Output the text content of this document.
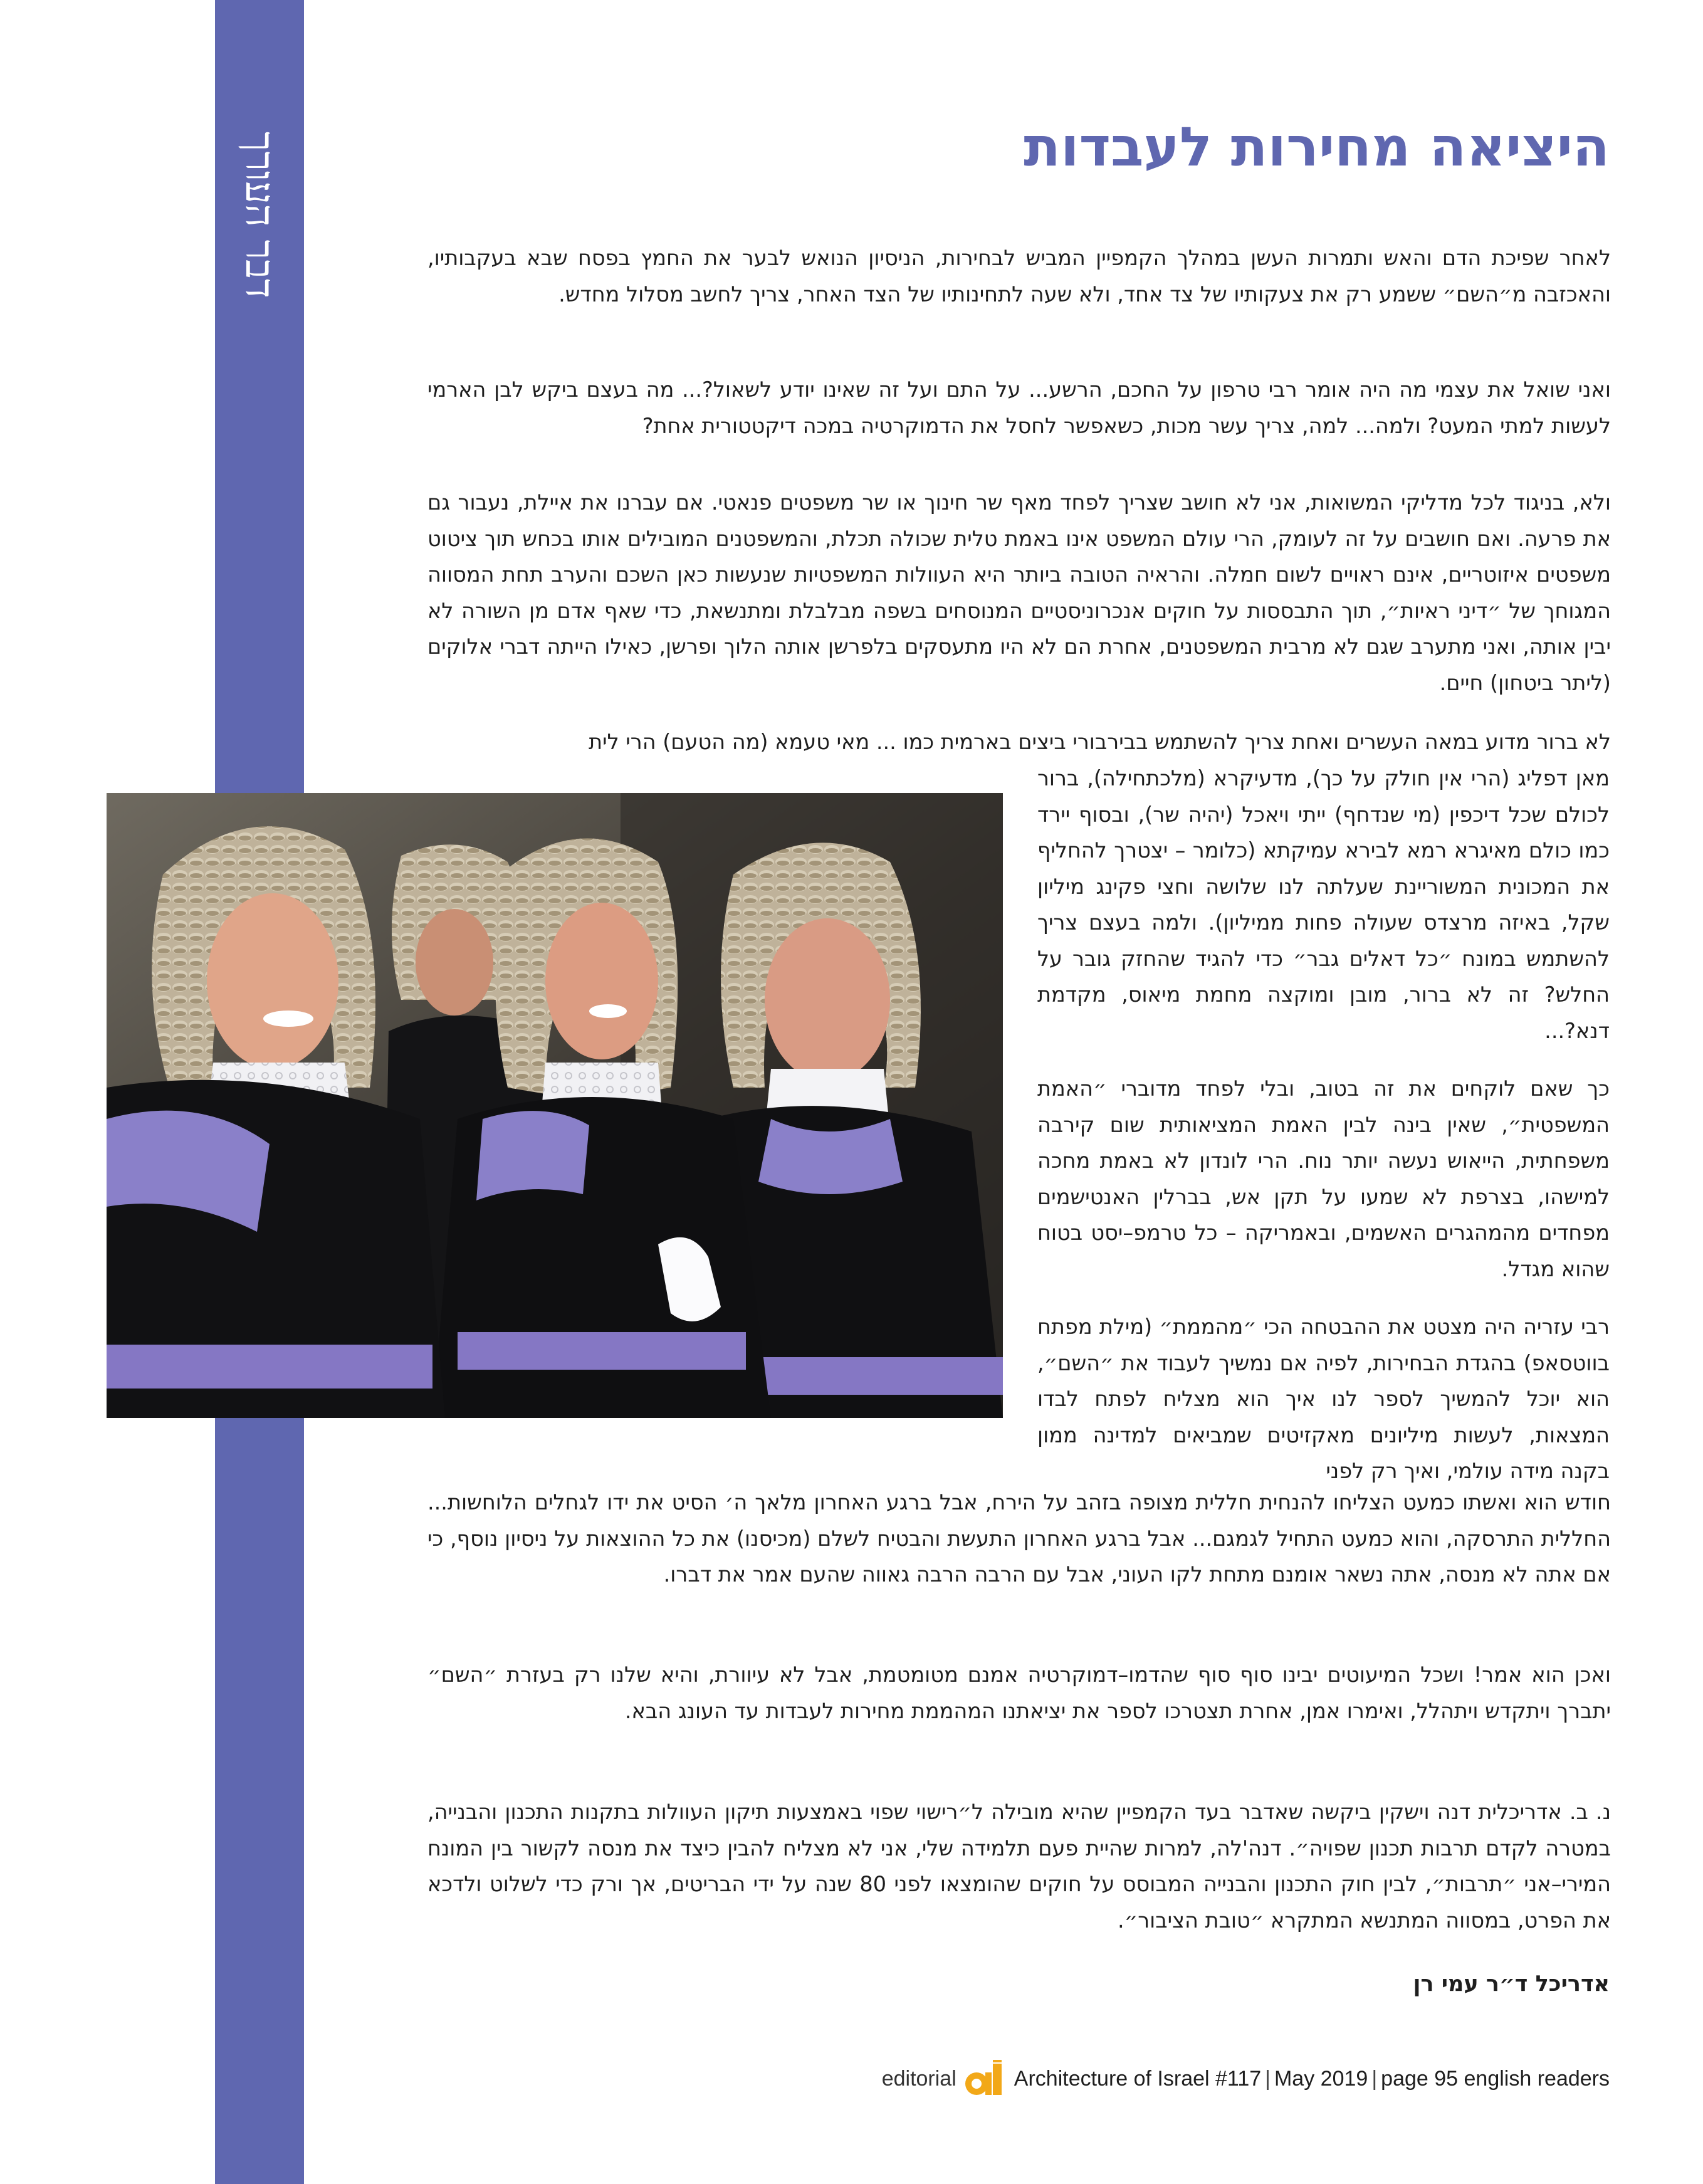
דבר העורך	היציאה מחירות לעבדות

לאחר שפיכת הדם והאש ותמרות העשן במהלך הקמפיין המביש לבחירות, הניסיון הנואש לבער את החמץ בפסח שבא בעקבותיו, והאכזבה מ״השם״ ששמע רק את צעקותיו של צד אחד, ולא שעה לתחינותיו של הצד האחר, צריך לחשב מסלול מחדש.

ואני שואל את עצמי מה היה אומר רבי טרפון על החכם, הרשע... על התם ועל זה שאינו יודע לשאול?... מה בעצם ביקש לבן הארמי לעשות למתי המעט? ולמה... למה, צריך עשר מכות, כשאפשר לחסל את הדמוקרטיה במכה דיקטטורית אחת?

ולא, בניגוד לכל מדליקי המשואות, אני לא חושב שצריך לפחד מאף שר חינוך או שר משפטים פנאטי. אם עברנו את איילת, נעבור גם את פרעה. ואם חושבים על זה לעומק, הרי עולם המשפט אינו באמת טלית שכולה תכלת, והמשפטנים המובילים אותו בכחש תוך ציטוט משפטים איזוטריים, אינם ראויים לשום חמלה. והראיה הטובה ביותר היא העוולות המשפטיות שנעשות כאן השכם והערב תחת המסווה המגוחך של ״דיני ראיות״, תוך התבססות על חוקים אנכרוניסטיים המנוסחים בשפה מבלבלת ומתנשאת, כדי שאף אדם מן השורה לא יבין אותה, ואני מתערב שגם לא מרבית המשפטנים, אחרת הם לא היו מתעסקים בלפרשן אותה הלוך ופרשן, כאילו הייתה דברי אלוקים (ליתר ביטחון) חיים.

לא ברור מדוע במאה העשרים ואחת צריך להשתמש בבירבורי ביצים בארמית כמו ... מאי טעמא (מה הטעם) הרי לית

מאן דפליג (הרי אין חולק על כך), מדעיקרא (מלכתחילה), ברור לכולם שכל דיכפין (מי שנדחף) ייתי ויאכל (יהיה שר), ובסוף יירד כמו כולם מאיגרא רמא לבירא עמיקתא (כלומר – יצטרך להחליף את המכונית המשוריינת שעלתה לנו שלושה וחצי פקינג מיליון שקל, באיזה מרצדס שעולה פחות ממיליון). ולמה בעצם צריך להשתמש במונח ״כל דאלים גבר״ כדי להגיד שהחזק גובר על החלש? זה לא ברור, מובן ומוקצה מחמת מיאוס, מקדמת דנא?...

כך שאם לוקחים את זה בטוב, ובלי לפחד מדוברי ״האמת המשפטית״, שאין בינה לבין האמת המציאותית שום קירבה משפחתית, הייאוש נעשה יותר נוח. הרי לונדון לא באמת מחכה למישהו, בצרפת לא שמעו על תקן אש, בברלין האנטישמים מפחדים מהמהגרים האשמים, ובאמריקה – כל טרמפ–יסט בטוח שהוא מגדל.

רבי עזריה היה מצטט את ההבטחה הכי ״מהממת״ (מילת מפתח בווטסאפ) בהגדת הבחירות, לפיה אם נמשיך לעבוד את ״השם״, הוא יוכל להמשיך לספר לנו איך הוא מצליח לפתח לבדו המצאות, לעשות מיליונים מאקזיטים שמביאים למדינה ממון בקנה מידה עולמי, ואיך רק לפני

חודש הוא ואשתו כמעט הצליחו להנחית חללית מצופה בזהב על הירח, אבל ברגע האחרון מלאך ה׳ הסיט את ידו לגחלים הלוחשות... החללית התרסקה, והוא כמעט התחיל לגמגם... אבל ברגע האחרון התעשת והבטיח לשלם (מכיסנו) את כל ההוצאות על ניסיון נוסף, כי אם אתה לא מנסה, אתה נשאר אומנם מתחת לקו העוני, אבל עם הרבה הרבה גאווה שהעם אמר את דברו.

ואכן הוא אמר! ושכל המיעוטים יבינו סוף סוף שהדמו–דמוקרטיה אמנם מטומטמת, אבל לא עיוורת, והיא שלנו רק בעזרת ״השם״ יתברך ויתקדש ויתהלל, ואימרו אמן, אחרת תצטרכו לספר את יציאתנו המהממת מחירות לעבדות עד העונג הבא.

נ. ב. אדריכלית דנה וישקין ביקשה שאדבר בעד הקמפיין שהיא מובילה ל״רישוי שפוי באמצעות תיקון העוולות בתקנות התכנון והבנייה, במטרה לקדם תרבות תכנון שפויה״. דנה'לה, למרות שהיית פעם תלמידה שלי, אני לא מצליח להבין כיצד את מנסה לקשור בין המונח המירי–אני ״תרבות״, לבין חוק התכנון והבנייה המבוסס על חוקים שהומצאו לפני 80 שנה על ידי הבריטים, אך ורק כדי לשלוט ולדכא את הפרט, במסווה המתנשא המתקרא ״טובת הציבור״.

אדריכל ד״ר עמי רן
editorial	Architecture of Israel #117 | May 2019 | page 95 english readers
